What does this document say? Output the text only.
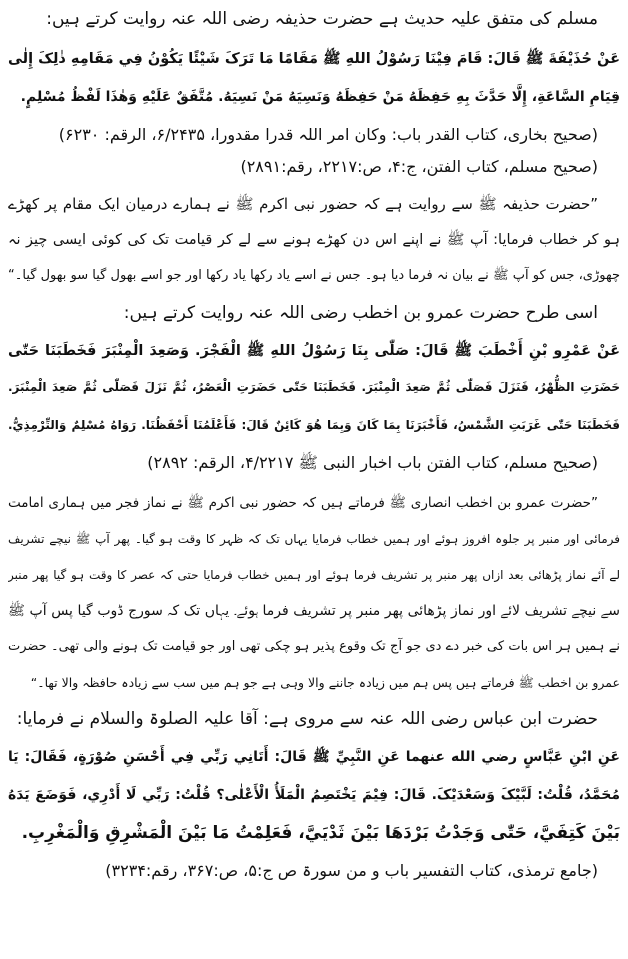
مسلم کی متفق علیہ حدیث ہے حضرت حذیفہ رضی اللہ عنہ روایت کرتے ہیں:
عَنْ حُذَيْفَةَ ﷺ قَالَ: قَامَ فِيْنَا رَسُوْلُ اللهِ ﷺ مَقَامًا مَا تَرَکَ شَيْئًا يَکُوْنُ فِي مَقَامِهِ ذٰلِکَ إِلٰی
قِيَامِ السَّاعَةِ، إِلَّا حَدَّثَ بِهِ حَفِظَهُ مَنْ حَفِظَهُ وَنَسِيَهُ مَنْ نَسِيَهُ. مُتَّفَقٌ عَلَيْهِ وَهٰذَا لَفْظُ مُسْلِمٍ.
(صحیح بخاری، کتاب القدر باب: وکان امر اللہ قدرا مقدورا، ۶/۲۴۳۵، الرقم: ۶۲۳۰)
(صحیح مسلم، کتاب الفتن، ج:۴، ص:۲۲۱۷، رقم:۲۸۹۱)
”حضرت حذیفہ ﷺ سے روایت ہے کہ حضور نبی اکرم ﷺ نے ہمارے درمیان ایک مقام پر کھڑے
ہو کر خطاب فرمایا: آپ ﷺ نے اپنے اس دن کھڑے ہونے سے لے کر قیامت تک کی کوئی ایسی چیز نہ
چھوڑی، جس کو آپ ﷺ نے بیان نہ فرما دیا ہو۔ جس نے اسے یاد رکھا یاد رکھا اور جو اسے بھول گیا سو بھول گیا۔“
اسی طرح حضرت عمرو بن اخطب رضی اللہ عنہ روایت کرتے ہیں:
عَنْ عَمْرِو بْنِ أَخْطَبَ ﷺ قَالَ: صَلّٰی بِنَا رَسُوْلُ اللهِ ﷺ الْفَجْرَ. وَصَعِدَ الْمِنْبَرَ فَخَطَبَنَا حَتّٰی
حَضَرَتِ الظُّهْرُ، فَنَزَلَ فَصَلّٰی ثُمَّ صَعِدَ الْمِنْبَرَ. فَخَطَبَنَا حَتّٰی حَضَرَتِ الْعَصْرُ، ثُمَّ نَزَلَ فَصَلّٰی ثُمَّ صَعِدَ الْمِنْبَرَ.
فَخَطَبَنَا حَتّٰی غَرَبَتِ الشَّمْسُ، فَأَخْبَرَنَا بِمَا کَانَ وَبِمَا هُوَ کَائِنٌ قَالَ: فَأَعْلَمُنَا أَحْفَظُنَا. رَوَاهُ مُسْلِمٌ وَالتِّرْمِذِيُّ.
(صحیح مسلم، کتاب الفتن باب اخبار النبی ﷺ ۴/۲۲۱۷، الرقم: ۲۸۹۲)
”حضرت عمرو بن اخطب انصاری ﷺ فرماتے ہیں کہ حضور نبی اکرم ﷺ نے نماز فجر میں ہماری امامت
فرمائی اور منبر پر جلوہ افروز ہوئے اور ہمیں خطاب فرمایا یہاں تک کہ ظہر کا وقت ہو گیا۔ پھر آپ ﷺ نیچے تشریف
لے آئے نماز پڑھائی بعد ازاں پھر منبر پر تشریف فرما ہوئے اور ہمیں خطاب فرمایا حتی کہ عصر کا وقت ہو گیا پھر منبر
سے نیچے تشریف لائے اور نماز پڑھائی پھر منبر پر تشریف فرما ہوئے۔ یہاں تک کہ سورج ڈوب گیا پس آپ ﷺ
نے ہمیں ہر اس بات کی خبر دے دی جو آج تک وقوع پذیر ہو چکی تھی اور جو قیامت تک ہونے والی تھی۔ حضرت
عمرو بن اخطب ﷺ فرماتے ہیں پس ہم میں زیادہ جاننے والا وہی ہے جو ہم میں سب سے زیادہ حافظہ والا تھا۔“
حضرت ابن عباس رضی اللہ عنہ سے مروی ہے: آقا علیہ الصلوۃ والسلام نے فرمایا:
عَنِ ابْنِ عَبَّاسٍ رضي الله عنهما عَنِ النَّبِيِّ ﷺ قَالَ: أَتَانِي رَبِّي فِي أَحْسَنِ صُوْرَةٍ، فَقَالَ: يَا
مُحَمَّدُ، قُلْتُ: لَبَّيْکَ وَسَعْدَيْکَ. قَالَ: فِيْمَ يَخْتَصِمُ الْمَلَأُ الْأَعْلٰی؟ قُلْتُ: رَبِّي لَا أَدْرِي، فَوَضَعَ يَدَهُ
بَيْنَ کَتِفَيَّ، حَتّٰی وَجَدْتُ بَرْدَهَا بَيْنَ ثَدْيَيَّ، فَعَلِمْتُ مَا بَيْنَ الْمَشْرِقِ وَالْمَغْرِبِ.
(جامع ترمذی، کتاب التفسیر باب و من سورۃ ص ج:۵، ص:۳۶۷، رقم:۳۲۳۴)
